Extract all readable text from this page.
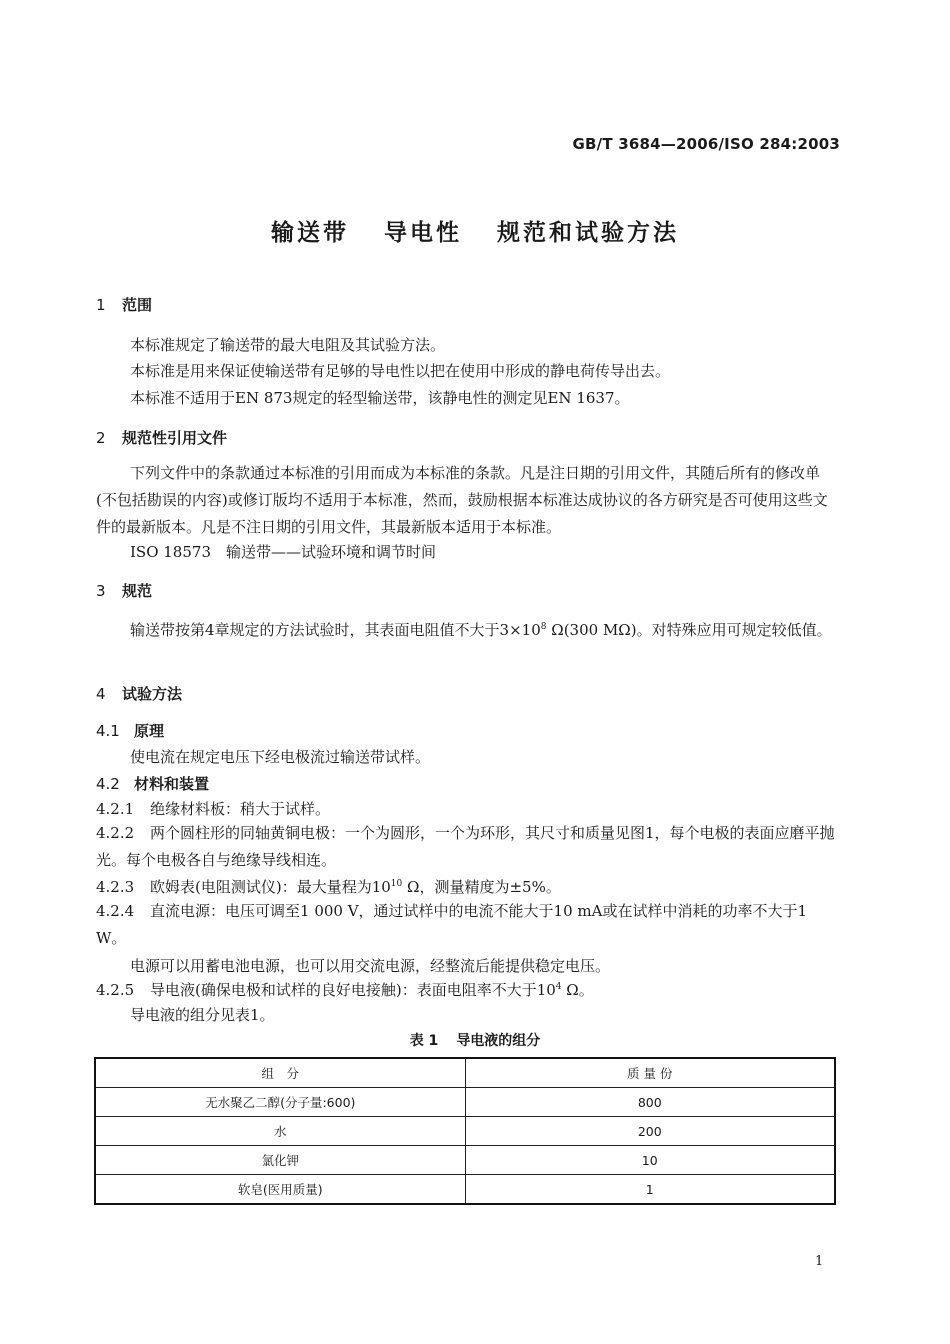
GB/T 3684—2006/ISO 284:2003
输送带 导电性 规范和试验方法
1 范围
本标准规定了输送带的最大电阻及其试验方法。
本标准是用来保证使输送带有足够的导电性以把在使用中形成的静电荷传导出去。
本标准不适用于EN 873规定的轻型输送带，该静电性的测定见EN 1637。
2 规范性引用文件
下列文件中的条款通过本标准的引用而成为本标准的条款。凡是注日期的引用文件，其随后所有的修改单(不包括勘误的内容)或修订版均不适用于本标准，然而，鼓励根据本标准达成协议的各方研究是否可使用这些文件的最新版本。凡是不注日期的引用文件，其最新版本适用于本标准。
ISO 18573　输送带——试验环境和调节时间
3 规范
输送带按第4章规定的方法试验时，其表面电阻值不大于$3\times 10^8$ Ω(300 MΩ)。对特殊应用可规定较低值。
4 试验方法
4.1 原理
使电流在规定电压下经电极流过输送带试样。
4.2 材料和装置
4.2.1 绝缘材料板：稍大于试样。
4.2.2 两个圆柱形的同轴黄铜电极：一个为圆形，一个为环形，其尺寸和质量见图1，每个电极的表面应磨平抛光。每个电极各自与绝缘导线相连。
4.2.3 欧姆表(电阻测试仪)：最大量程为$10^{10}$ Ω，测量精度为±5%。
4.2.4 直流电源：电压可调至1 000 V，通过试样中的电流不能大于10 mA或在试样中消耗的功率不大于1 W。
电源可以用蓄电池电源，也可以用交流电源，经整流后能提供稳定电压。
4.2.5 导电液(确保电极和试样的良好电接触)：表面电阻率不大于$10^4$ Ω。
导电液的组分见表1。
表 1 导电液的组分
组　分	质 量 份
无水聚乙二醇(分子量:600)	800
水	200
氯化钾	10
软皂(医用质量)	1
1
